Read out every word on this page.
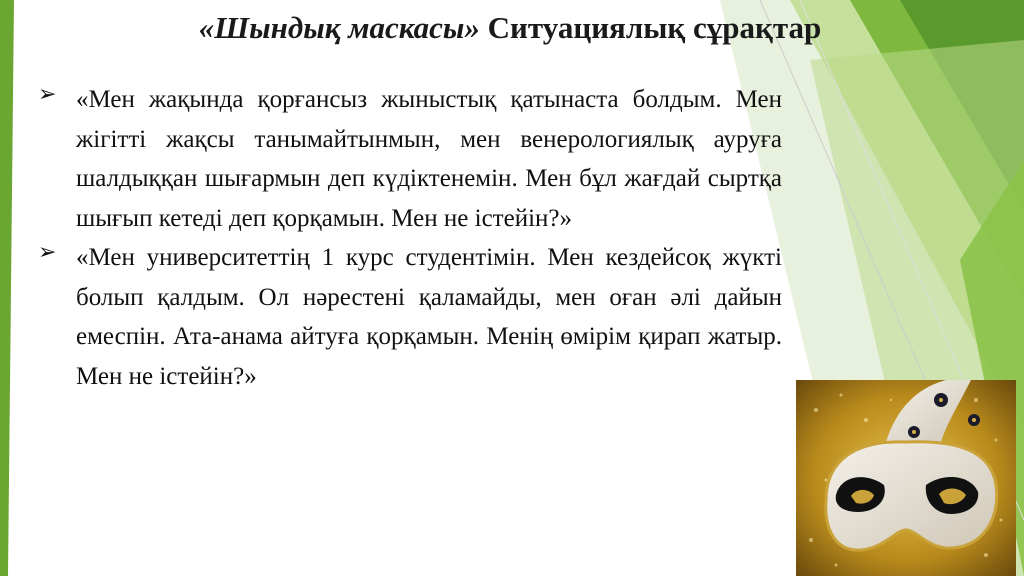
«Шындық маскасы» Ситуациялық сұрақтар
➢ «Мен жақында қорғансыз жыныстық қатынаста болдым. Мен жігітті жақсы танымайтынмын, мен венерологиялық ауруға шалдыққан шығармын деп күдіктенемін. Мен бұл жағдай сыртқа шығып кетеді деп қорқамын. Мен не істейін?»
➢ «Мен университеттің 1 курс студентімін. Мен кездейсоқ жүкті болып қалдым. Ол нәрестені қаламайды, мен оған әлі дайын емеспін. Ата-анама айтуға қорқамын. Менің өмірім қирап жатыр. Мен не істейін?»
